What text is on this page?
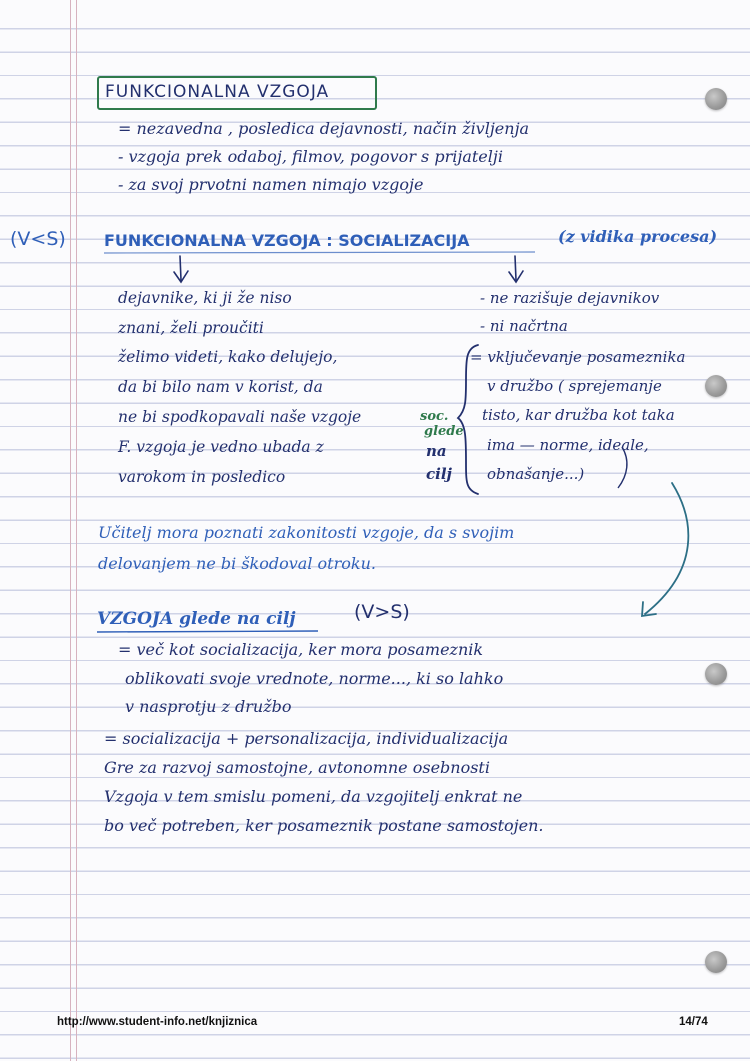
FUNKCIONALNA VZGOJA
= nezavedna , posledica dejavnosti, način življenja
- vzgoja prek odaboj, filmov, pogovor s prijatelji
- za svoj prvotni namen nimajo vzgoje
(V<S) FUNKCIONALNA VZGOJA : SOCIALIZACIJA	(z vidika procesa)
dejavnike, ki ji že niso
znani, želi proučiti
želimo videti, kako delujejo,
da bi bilo nam v korist, da
ne bi spodkopavali naše vzgoje
F. vzgoja je vedno ubada z
varokom in posledico
soc.
glede
na
cilj
- ne razišuje dejavnikov
- ni načrtna
= vključevanje posameznika
v družbo ( sprejemanje
tisto, kar družba kot taka
ima — norme, ideale,
obnašanje...)
Učitelj mora poznati zakonitosti vzgoje, da s svojim
delovanjem ne bi škodoval otroku.
VZGOJA glede na cilj	(V>S)
= več kot socializacija, ker mora posameznik
oblikovati svoje vrednote, norme..., ki so lahko
v nasprotju z družbo
= socializacija + personalizacija, individualizacija
Gre za razvoj samostojne, avtonomne osebnosti
Vzgoja v tem smislu pomeni, da vzgojitelj enkrat ne
bo več potreben, ker posameznik postane samostojen.
http://www.student-info.net/knjiznica	14/74
